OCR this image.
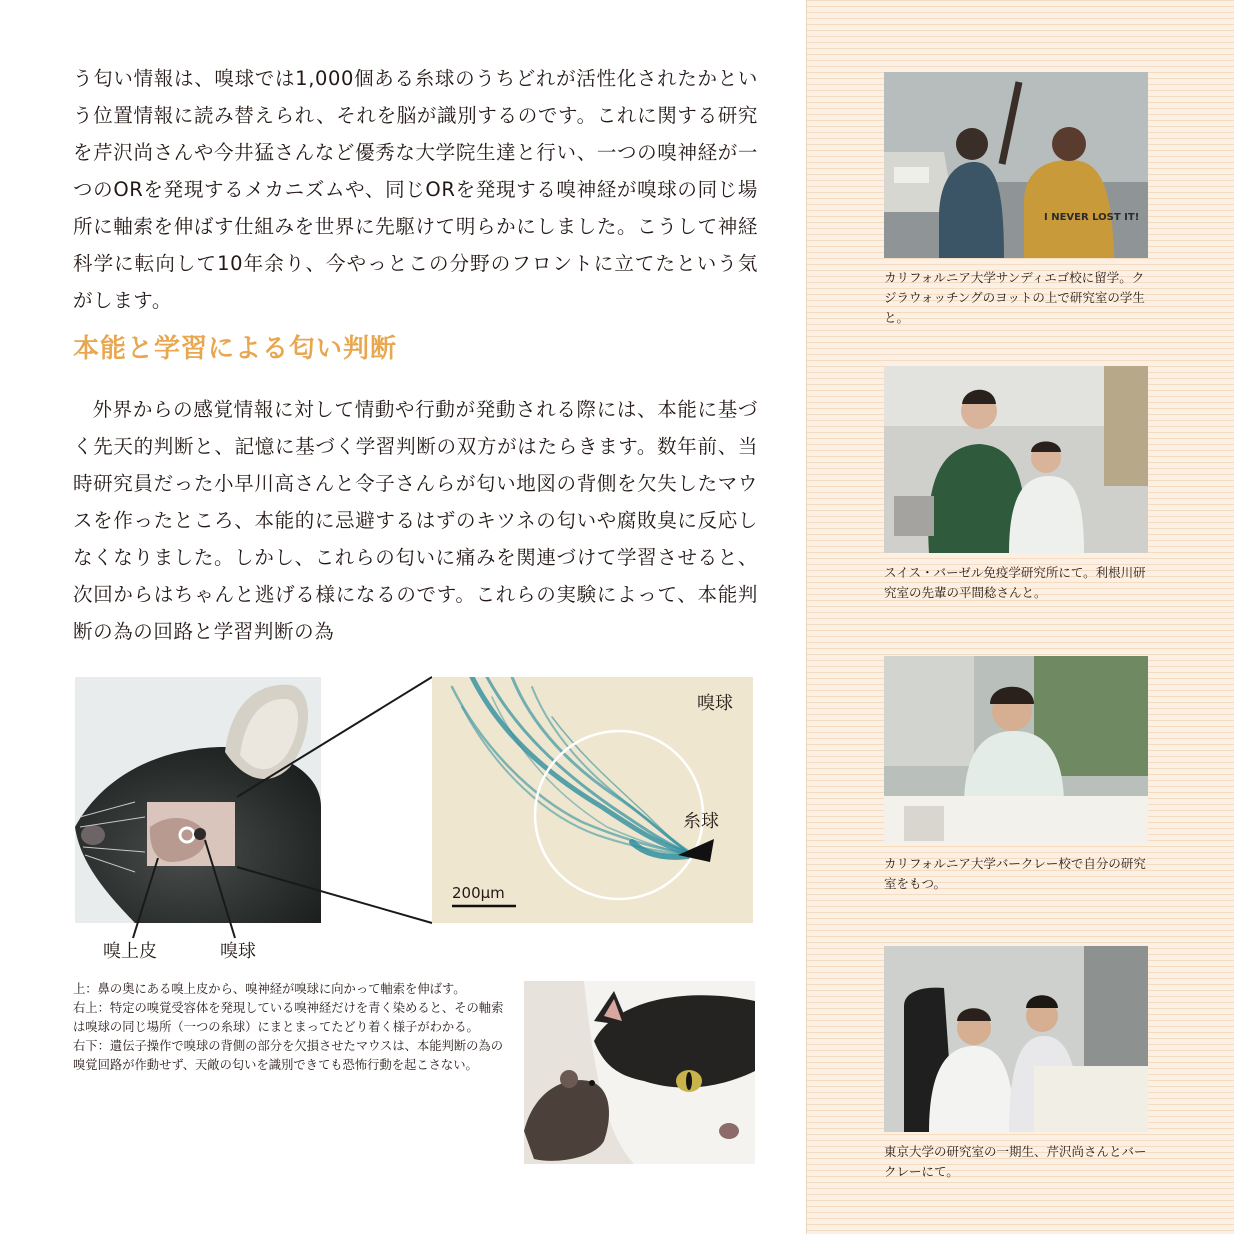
う匂い情報は、嗅球では1,000個ある糸球のうちどれが活性化されたかという位置情報に読み替えられ、それを脳が識別するのです。これに関する研究を芹沢尚さんや今井猛さんなど優秀な大学院生達と行い、一つの嗅神経が一つのORを発現するメカニズムや、同じORを発現する嗅神経が嗅球の同じ場所に軸索を伸ばす仕組みを世界に先駆けて明らかにしました。こうして神経科学に転向して10年余り、今やっとこの分野のフロントに立てたという気がします。

本能と学習による匂い判断

外界からの感覚情報に対して情動や行動が発動される際には、本能に基づく先天的判断と、記憶に基づく学習判断の双方がはたらきます。数年前、当時研究員だった小早川高さんと令子さんらが匂い地図の背側を欠失したマウスを作ったところ、本能的に忌避するはずのキツネの匂いや腐敗臭に反応しなくなりました。しかし、これらの匂いに痛みを関連づけて学習させると、次回からはちゃんと逃げる様になるのです。これらの実験によって、本能判断の為の回路と学習判断の為

嗅上皮	嗅球
嗅球
糸球
200μm

上：鼻の奥にある嗅上皮から、嗅神経が嗅球に向かって軸索を伸ばす。

右上：特定の嗅覚受容体を発現している嗅神経だけを青く染めると、その軸索は嗅球の同じ場所（一つの糸球）にまとまってたどり着く様子がわかる。

右下：遺伝子操作で嗅球の背側の部分を欠損させたマウスは、本能判断の為の嗅覚回路が作動せず、天敵の匂いを識別できても恐怖行動を起こさない。

I NEVER LOST IT!

カリフォルニア大学サンディエゴ校に留学。クジラウォッチングのヨットの上で研究室の学生と。

スイス・バーゼル免疫学研究所にて。利根川研究室の先輩の平間稔さんと。

カリフォルニア大学バークレー校で自分の研究室をもつ。

東京大学の研究室の一期生、芹沢尚さんとバークレーにて。
